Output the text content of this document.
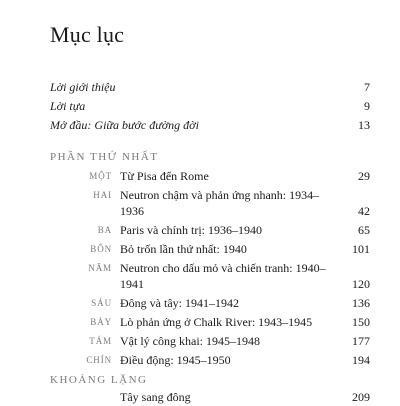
Mục lục
Lời giới thiệu	7
Lời tựa	9
Mở đầu: Giữa bước đường đời	13
PHẦN THỨ NHẤT
MỘT Từ Pisa đến Rome	29
HAI Neutron chậm và phản ứng nhanh: 1934–1936	42
BA Paris và chính trị: 1936–1940	65
BỐN Bỏ trốn lần thứ nhất: 1940	101
NĂM Neutron cho dấu mỏ và chiến tranh: 1940–1941	120
SÁU Đông và tây: 1941–1942	136
BẢY Lò phản ứng ở Chalk River: 1943–1945	150
TÁM Vật lý công khai: 1945–1948	177
CHÍN Điều động: 1945–1950	194
KHOẢNG LẶNG
Tây sang đông	209
